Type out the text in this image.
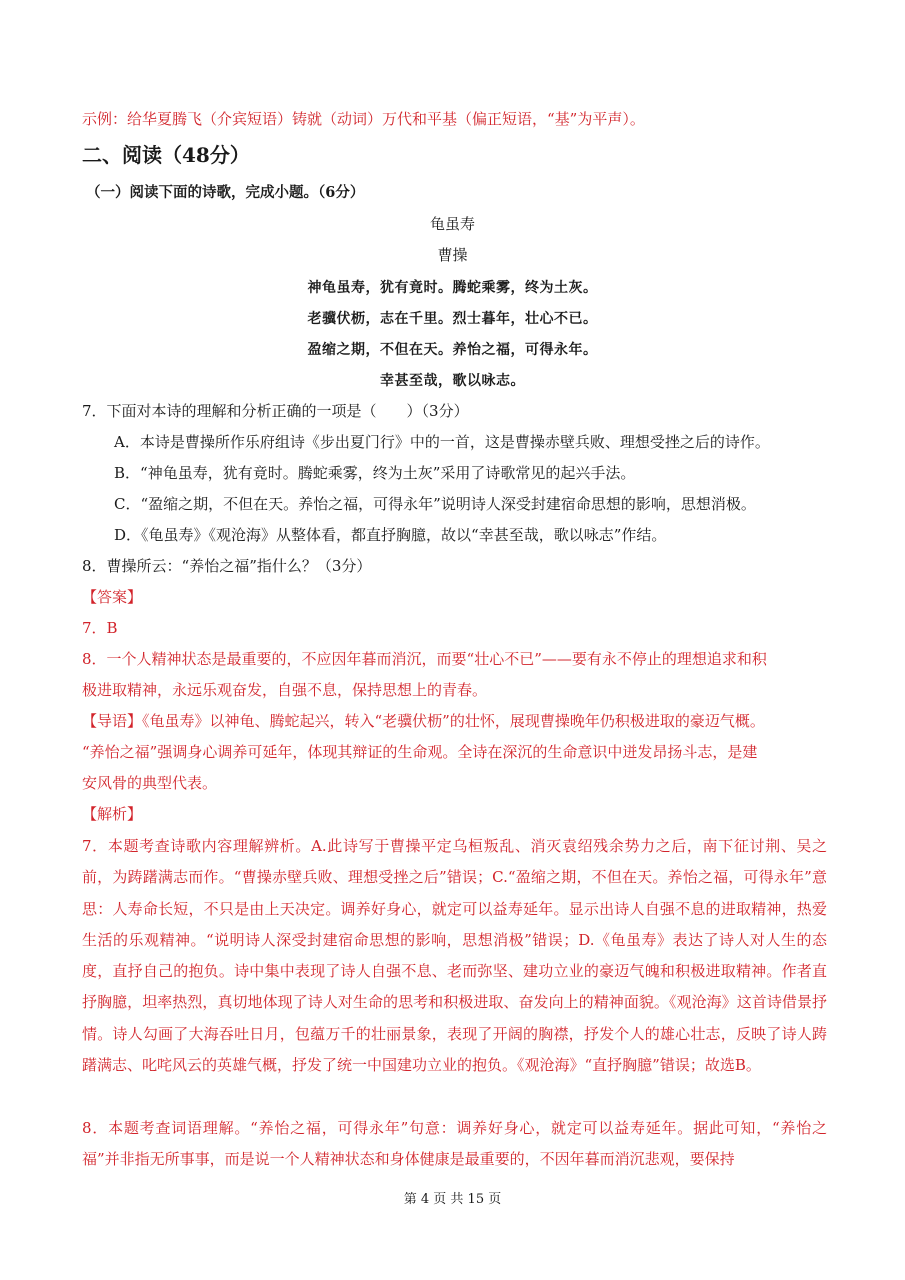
示例：给华夏腾飞（介宾短语）铸就（动词）万代和平基（偏正短语，“基”为平声）。
二、阅读（48分）
（一）阅读下面的诗歌，完成小题。（6分）
龟虽寿
曹操
神龟虽寿，犹有竟时。腾蛇乘雾，终为土灰。
老骥伏枥，志在千里。烈士暮年，壮心不已。
盈缩之期，不但在天。养怡之福，可得永年。
幸甚至哉，歌以咏志。
7．下面对本诗的理解和分析正确的一项是（　　）（3分）
A．本诗是曹操所作乐府组诗《步出夏门行》中的一首，这是曹操赤壁兵败、理想受挫之后的诗作。
B．“神龟虽寿，犹有竟时。腾蛇乘雾，终为土灰”采用了诗歌常见的起兴手法。
C．“盈缩之期，不但在天。养怡之福，可得永年”说明诗人深受封建宿命思想的影响，思想消极。
D．《龟虽寿》《观沧海》从整体看，都直抒胸臆，故以“幸甚至哉，歌以咏志”作结。
8．曹操所云：“养怡之福”指什么？（3分）
【答案】
7．B
8．一个人精神状态是最重要的，不应因年暮而消沉，而要“壮心不已”——要有永不停止的理想追求和积
极进取精神，永远乐观奋发，自强不息，保持思想上的青春。
【导语】《龟虽寿》以神龟、腾蛇起兴，转入“老骥伏枥”的壮怀，展现曹操晚年仍积极进取的豪迈气概。
“养怡之福”强调身心调养可延年，体现其辩证的生命观。全诗在深沉的生命意识中迸发昂扬斗志，是建
安风骨的典型代表。
【解析】
7．本题考查诗歌内容理解辨析。A.此诗写于曹操平定乌桓叛乱、消灭袁绍残余势力之后，南下征讨荆、吴之前，为踌躇满志而作。“曹操赤壁兵败、理想受挫之后”错误；C.“盈缩之期，不但在天。养怡之福，可得永年”意思：人寿命长短，不只是由上天决定。调养好身心，就定可以益寿延年。显示出诗人自强不息的进取精神，热爱生活的乐观精神。“说明诗人深受封建宿命思想的影响，思想消极”错误；D.《龟虽寿》表达了诗人对人生的态度，直抒自己的抱负。诗中集中表现了诗人自强不息、老而弥坚、建功立业的豪迈气魄和积极进取精神。作者直抒胸臆，坦率热烈，真切地体现了诗人对生命的思考和积极进取、奋发向上的精神面貌。《观沧海》这首诗借景抒情。诗人勾画了大海吞吐日月，包蕴万千的壮丽景象，表现了开阔的胸襟，抒发个人的雄心壮志，反映了诗人踌躇满志、叱咤风云的英雄气概，抒发了统一中国建功立业的抱负。《观沧海》“直抒胸臆”错误；故选B。
8．本题考查词语理解。“养怡之福，可得永年”句意：调养好身心，就定可以益寿延年。据此可知，“养怡之福”并非指无所事事，而是说一个人精神状态和身体健康是最重要的，不因年暮而消沉悲观，要保持
第 4 页 共 15 页
